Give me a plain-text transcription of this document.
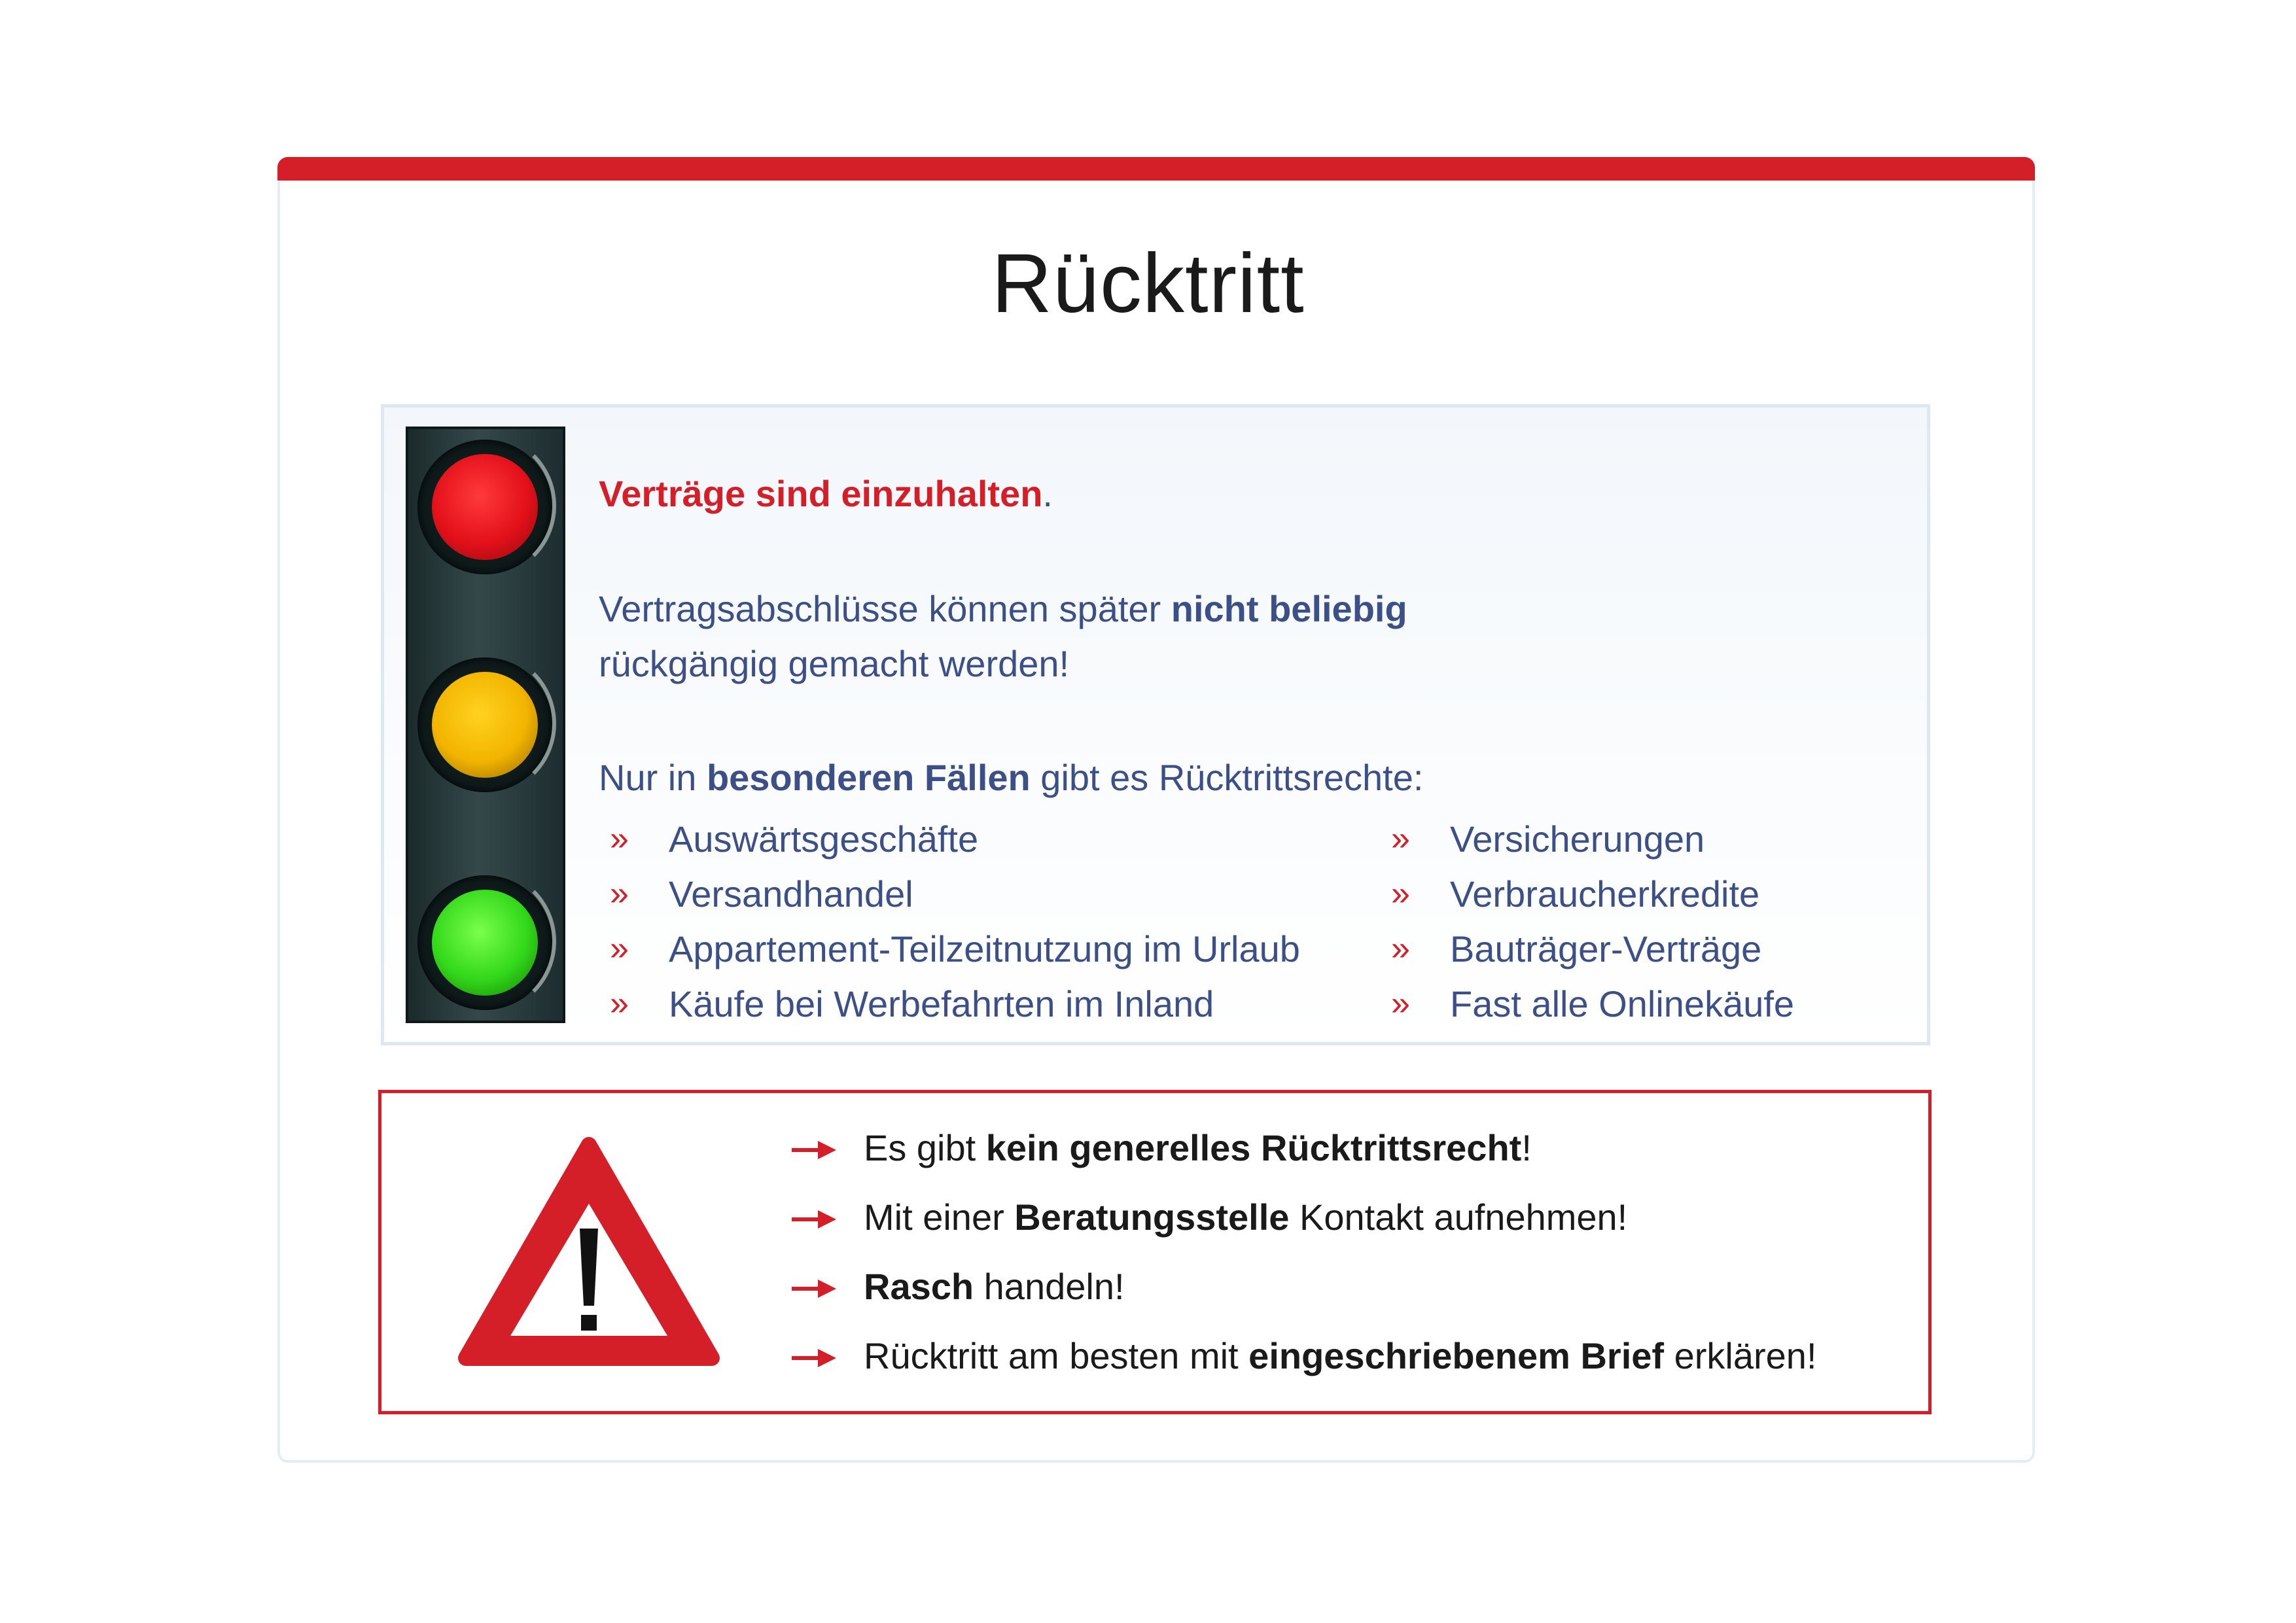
Rücktritt
Verträge sind einzuhalten.
Vertragsabschlüsse können später nicht beliebig
rückgängig gemacht werden!
Nur in besonderen Fällen gibt es Rücktrittsrechte:
» Auswärtsgeschäfte
» Versandhandel
» Appartement-Teilzeitnutzung im Urlaub
» Käufe bei Werbefahrten im Inland
» Versicherungen
» Verbraucherkredite
» Bauträger-Verträge
» Fast alle Onlinekäufe
Es gibt kein generelles Rücktrittsrecht!
Mit einer Beratungsstelle Kontakt aufnehmen!
Rasch handeln!
Rücktritt am besten mit eingeschriebenem Brief erklären!
